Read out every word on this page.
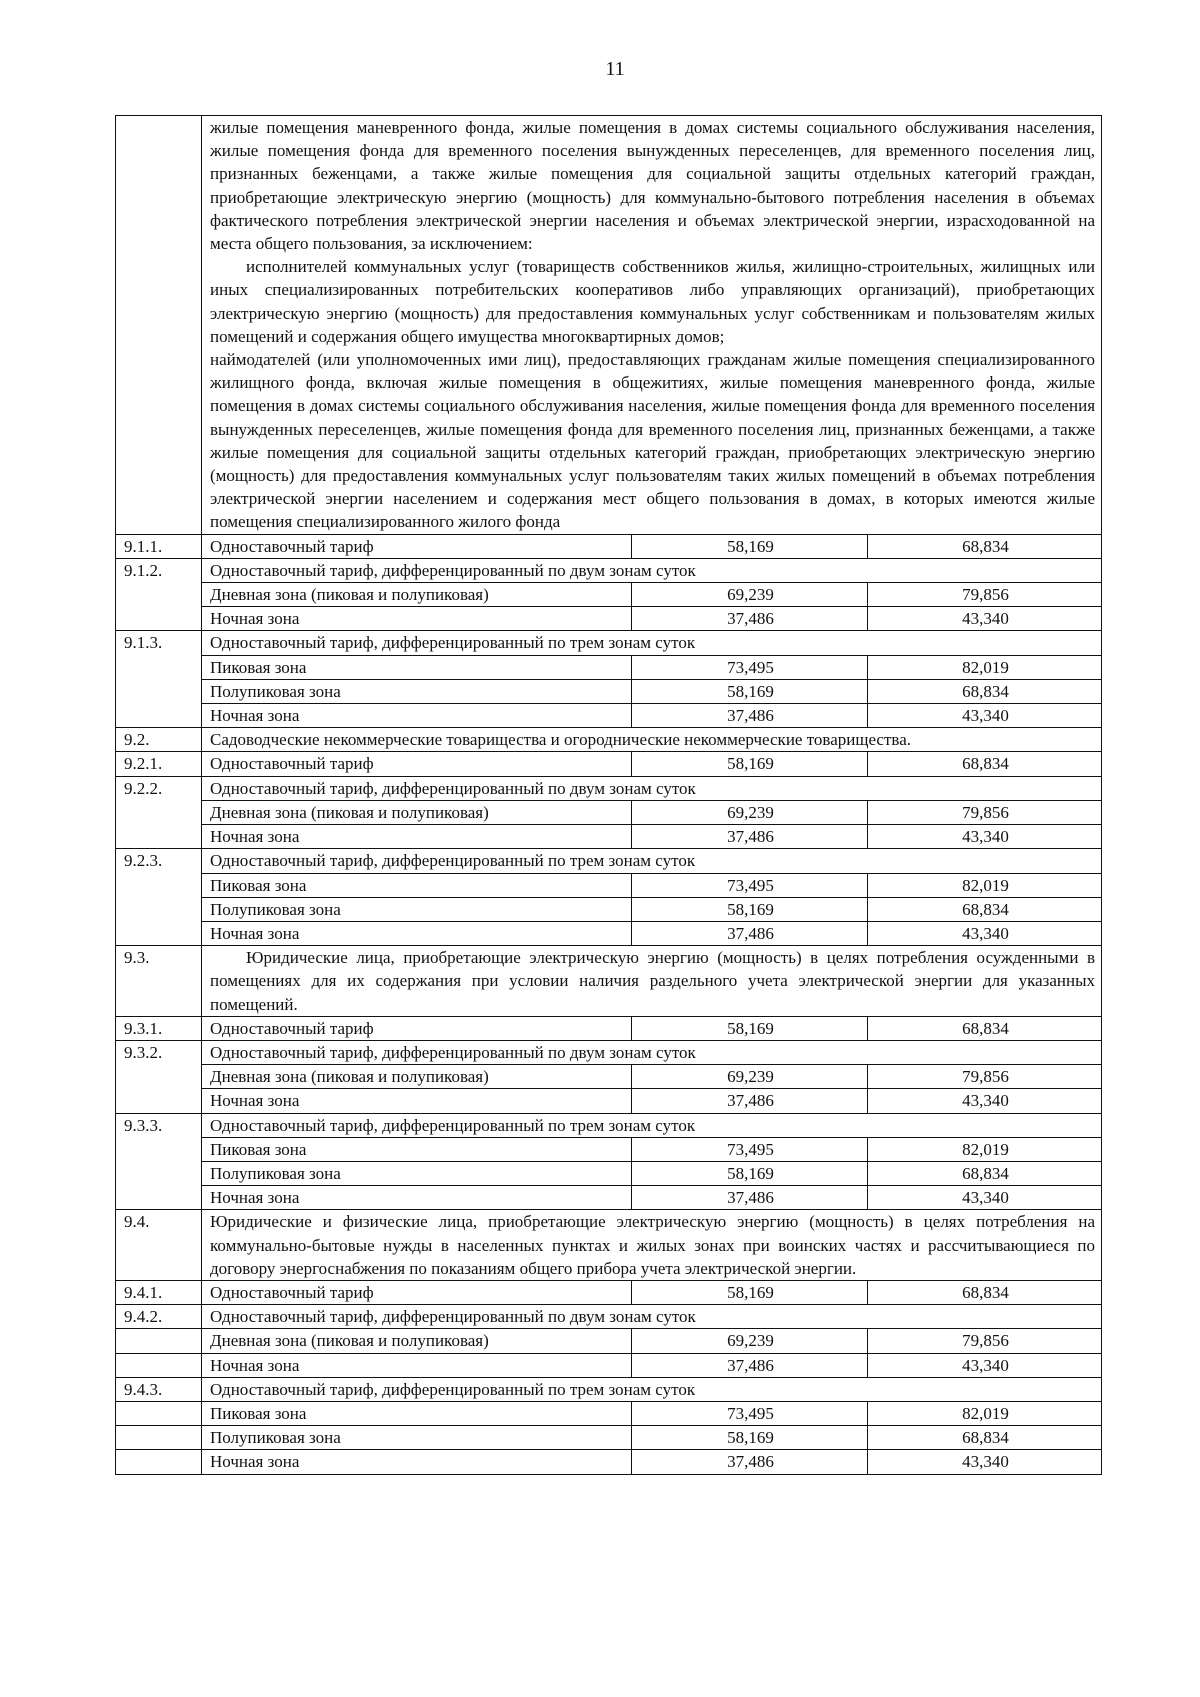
11

	жилые помещения маневренного фонда, жилые помещения в домах системы социального обслуживания населения, жилые помещения фонда для временного поселения вынужденных переселенцев, для временного поселения лиц, признанных беженцами, а также жилые помещения для социальной защиты отдельных категорий граждан, приобретающие электрическую энергию (мощность) для коммунально-бытового потребления населения в объемах фактического потребления электрической энергии населения и объемах электрической энергии, израсходованной на места общего пользования, за исключением:

исполнителей коммунальных услуг (товариществ собственников жилья, жилищно-строительных, жилищных или иных специализированных потребительских кооперативов либо управляющих организаций), приобретающих электрическую энергию (мощность) для предоставления коммунальных услуг собственникам и пользователям жилых помещений и содержания общего имущества многоквартирных домов;

наймодателей (или уполномоченных ими лиц), предоставляющих гражданам жилые помещения специализированного жилищного фонда, включая жилые помещения в общежитиях, жилые помещения маневренного фонда, жилые помещения в домах системы социального обслуживания населения, жилые помещения фонда для временного поселения вынужденных переселенцев, жилые помещения фонда для временного поселения лиц, признанных беженцами, а также жилые помещения для социальной защиты отдельных категорий граждан, приобретающих электрическую энергию (мощность) для предоставления коммунальных услуг пользователям таких жилых помещений в объемах потребления электрической энергии населением и содержания мест общего пользования в домах, в которых имеются жилые помещения специализированного жилого фонда		

9.1.1.	Одноставочный тариф	58,169	68,834
9.1.2.	Одноставочный тариф, дифференцированный по двум зонам суток		
	Дневная зона (пиковая и полупиковая)	69,239	79,856
	Ночная зона	37,486	43,340
9.1.3.	Одноставочный тариф, дифференцированный по трем зонам суток		
	Пиковая зона	73,495	82,019
	Полупиковая зона	58,169	68,834
	Ночная зона	37,486	43,340
9.2.	Садоводческие некоммерческие товарищества и огороднические некоммерческие товарищества.		
9.2.1.	Одноставочный тариф	58,169	68,834
9.2.2.	Одноставочный тариф, дифференцированный по двум зонам суток		
	Дневная зона (пиковая и полупиковая)	69,239	79,856
	Ночная зона	37,486	43,340
9.2.3.	Одноставочный тариф, дифференцированный по трем зонам суток		
	Пиковая зона	73,495	82,019
	Полупиковая зона	58,169	68,834
	Ночная зона	37,486	43,340
9.3.	Юридические лица, приобретающие электрическую энергию (мощность) в целях потребления осужденными в помещениях для их содержания при условии наличия раздельного учета электрической энергии для указанных помещений.		

9.3.1.	Одноставочный тариф	58,169	68,834
9.3.2.	Одноставочный тариф, дифференцированный по двум зонам суток		
	Дневная зона (пиковая и полупиковая)	69,239	79,856
	Ночная зона	37,486	43,340
9.3.3.	Одноставочный тариф, дифференцированный по трем зонам суток		
	Пиковая зона	73,495	82,019
	Полупиковая зона	58,169	68,834
	Ночная зона	37,486	43,340
9.4.	Юридические и физические лица, приобретающие электрическую энергию (мощность) в целях потребления на коммунально-бытовые нужды в населенных пунктах и жилых зонах при воинских частях и рассчитывающиеся по договору энергоснабжения по показаниям общего прибора учета электрической энергии.		

9.4.1.	Одноставочный тариф	58,169	68,834
9.4.2.	Одноставочный тариф, дифференцированный по двум зонам суток		
	Дневная зона (пиковая и полупиковая)	69,239	79,856
	Ночная зона	37,486	43,340
9.4.3.	Одноставочный тариф, дифференцированный по трем зонам суток		
	Пиковая зона	73,495	82,019
	Полупиковая зона	58,169	68,834
	Ночная зона	37,486	43,340
